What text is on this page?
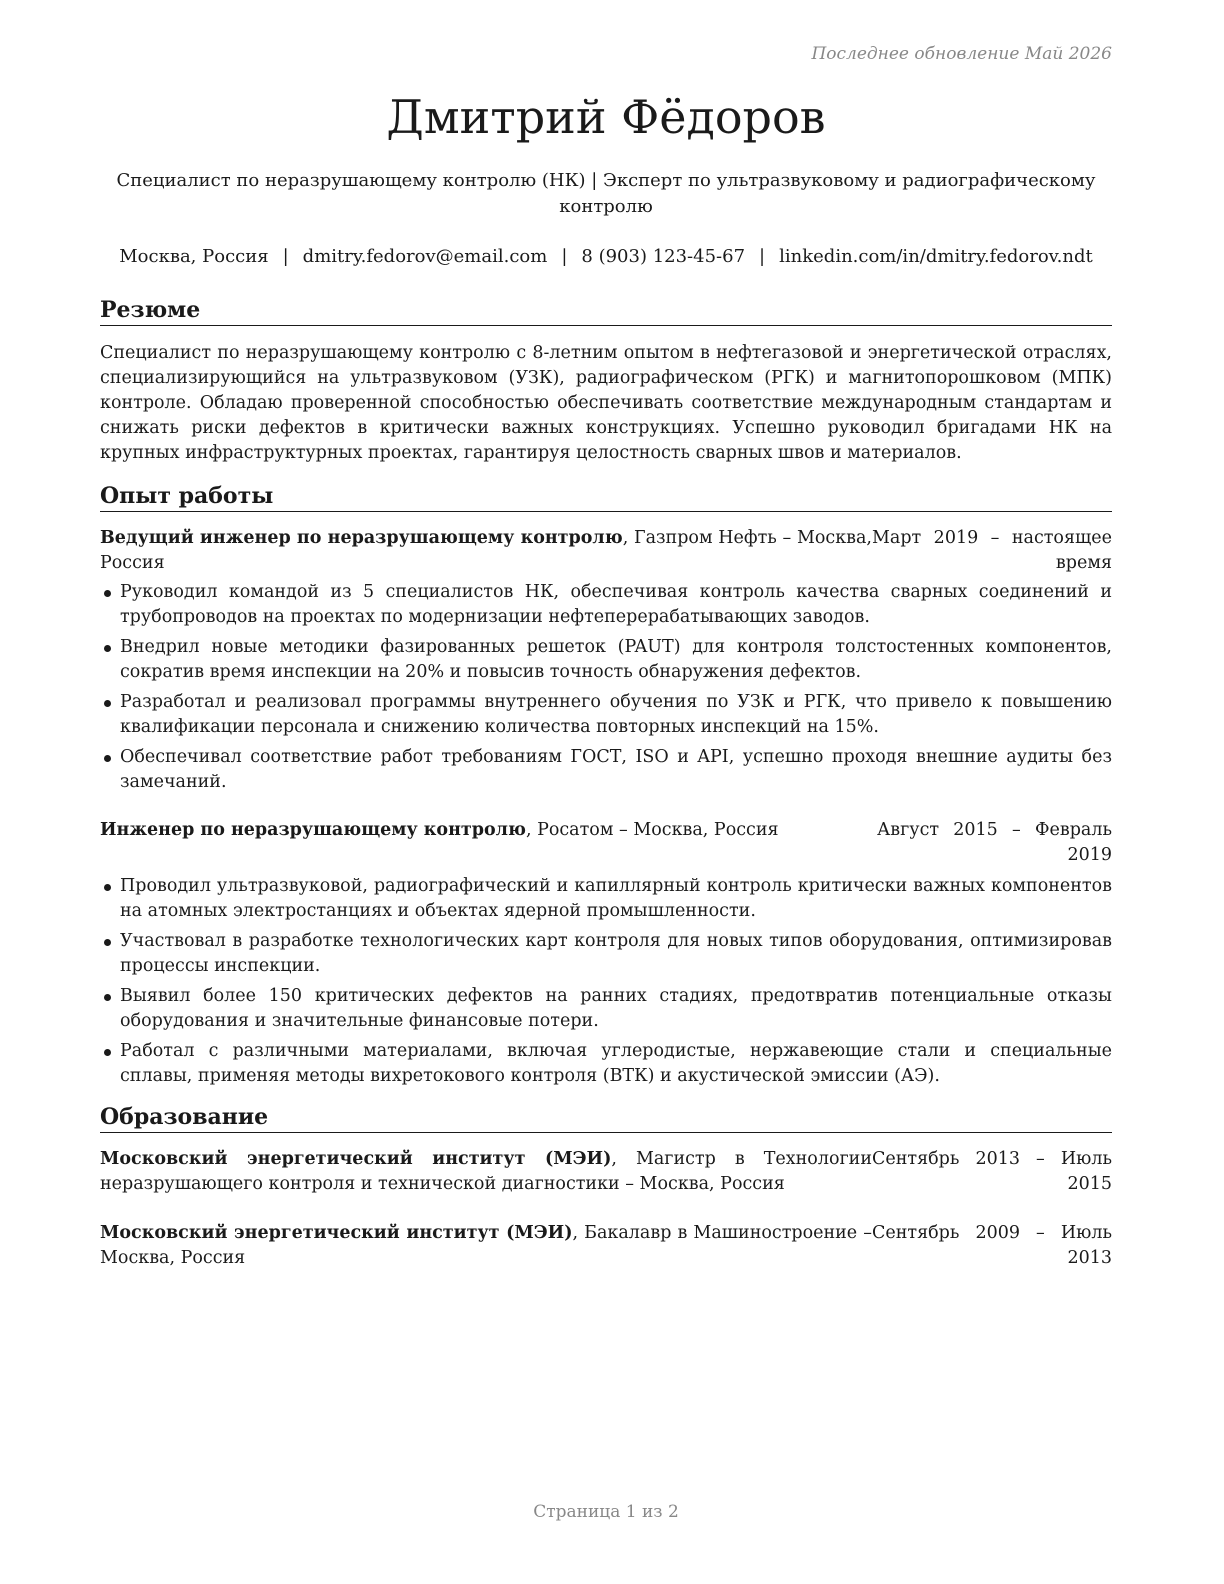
Последнее обновление Май 2026
Дмитрий Фёдоров

Специалист по неразрушающему контролю (НК) | Эксперт по ультразвуковому и радиографическому контролю

Москва, Россия | dmitry.fedorov@email.com | 8 (903) 123-45-67 | linkedin.com/in/dmitry.fedorov.ndt
Резюме

Специалист по неразрушающему контролю с 8-летним опытом в нефтегазовой и энергетической отраслях, специализирующийся на ультразвуковом (УЗК), радиографическом (РГК) и магнитопорошковом (МПК) контроле. Обладаю проверенной способностью обеспечивать соответствие международным стандартам и снижать риски дефектов в критически важных конструкциях. Успешно руководил бригадами НК на крупных инфраструктурных проектах, гарантируя целостность сварных швов и материалов.

Опыт работы
Ведущий инженер по неразрушающему контролю, Газпром Нефть – Москва, Россия
Март 2019 – настоящее время
Руководил командой из 5 специалистов НК, обеспечивая контроль качества сварных соединений и трубопроводов на проектах по модернизации нефтеперерабатывающих заводов.
Внедрил новые методики фазированных решеток (PAUT) для контроля толстостенных компонентов, сократив время инспекции на 20% и повысив точность обнаружения дефектов.
Разработал и реализовал программы внутреннего обучения по УЗК и РГК, что привело к повышению квалификации персонала и снижению количества повторных инспекций на 15%.
Обеспечивал соответствие работ требованиям ГОСТ, ISO и API, успешно проходя внешние аудиты без замечаний.
Инженер по неразрушающему контролю, Росатом – Москва, Россия	Август 2015 – Февраль 2019
Проводил ультразвуковой, радиографический и капиллярный контроль критически важных компонентов на атомных электростанциях и объектах ядерной промышленности.
Участвовал в разработке технологических карт контроля для новых типов оборудования, оптимизировав процессы инспекции.
Выявил более 150 критических дефектов на ранних стадиях, предотвратив потенциальные отказы оборудования и значительные финансовые потери.
Работал с различными материалами, включая углеродистые, нержавеющие стали и специальные сплавы, применяя методы вихретокового контроля (ВТК) и акустической эмиссии (АЭ).
Образование
Московский энергетический институт (МЭИ), Магистр в Технологии неразрушающего контроля и технической диагностики – Москва, Россия
Сентябрь 2013 – Июль 2015
Московский энергетический институт (МЭИ), Бакалавр в Машиностроение – Москва, Россия
Сентябрь 2009 – Июль 2013
Страница 1 из 2
